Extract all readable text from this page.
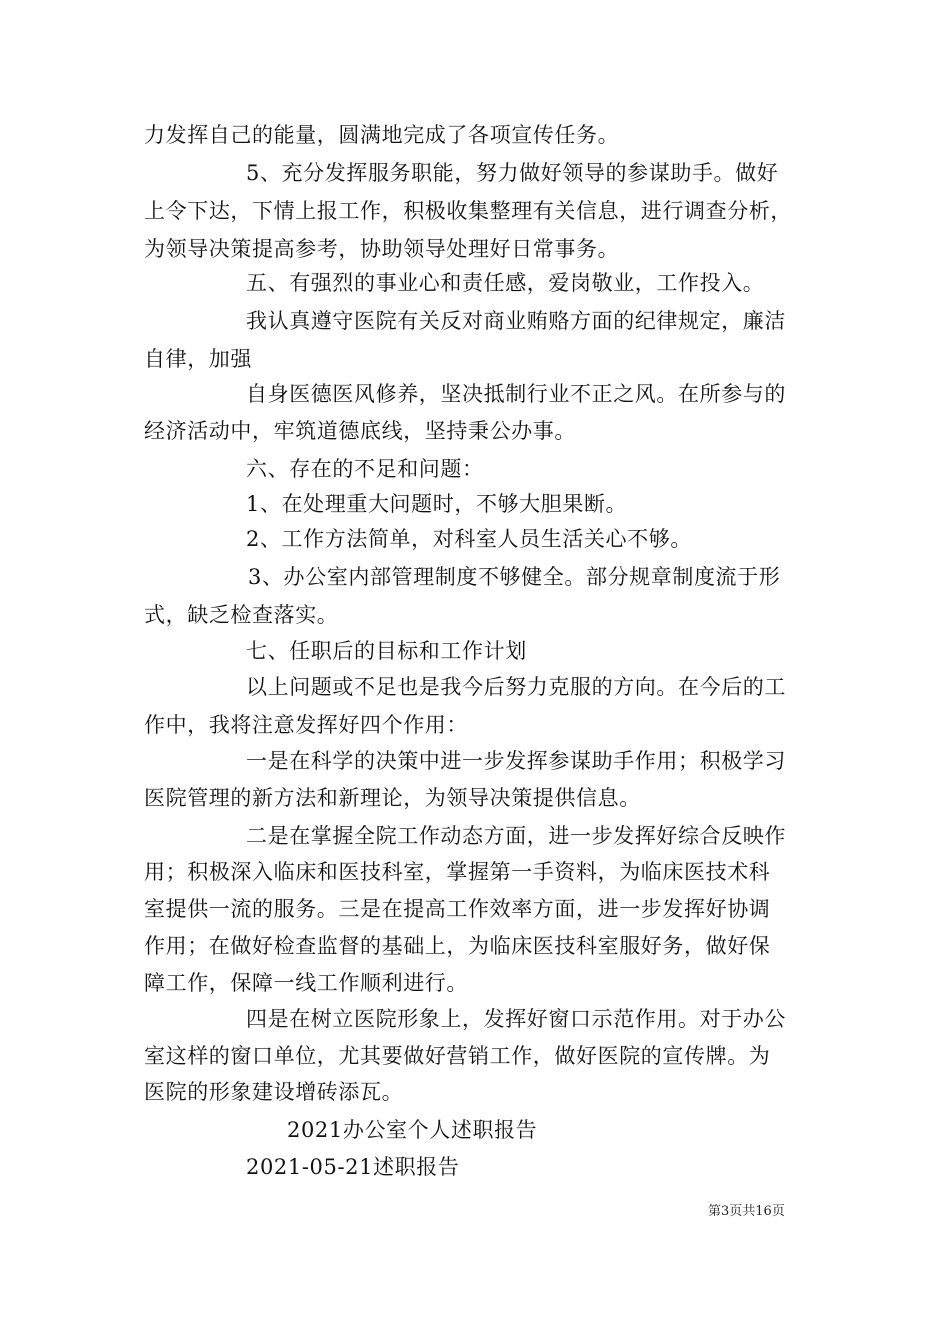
力发挥自己的能量，圆满地完成了各项宣传任务。
5、充分发挥服务职能，努力做好领导的参谋助手。做好
上令下达，下情上报工作，积极收集整理有关信息，进行调查分析，
为领导决策提高参考，协助领导处理好日常事务。
五、有强烈的事业心和责任感，爱岗敬业，工作投入。
我认真遵守医院有关反对商业贿赂方面的纪律规定，廉洁
自律，加强
自身医德医风修养，坚决抵制行业不正之风。在所参与的
经济活动中，牢筑道德底线，坚持秉公办事。
六、存在的不足和问题：
1、在处理重大问题时，不够大胆果断。
2、工作方法简单，对科室人员生活关心不够。
3、办公室内部管理制度不够健全。部分规章制度流于形
式，缺乏检查落实。
七、任职后的目标和工作计划
以上问题或不足也是我今后努力克服的方向。在今后的工
作中，我将注意发挥好四个作用：
一是在科学的决策中进一步发挥参谋助手作用；积极学习
医院管理的新方法和新理论，为领导决策提供信息。
二是在掌握全院工作动态方面，进一步发挥好综合反映作
用；积极深入临床和医技科室，掌握第一手资料，为临床医技术科
室提供一流的服务。三是在提高工作效率方面，进一步发挥好协调
作用；在做好检查监督的基础上，为临床医技科室服好务，做好保
障工作，保障一线工作顺利进行。
四是在树立医院形象上，发挥好窗口示范作用。对于办公
室这样的窗口单位，尤其要做好营销工作，做好医院的宣传牌。为
医院的形象建设增砖添瓦。
2021办公室个人述职报告
2021-05-21述职报告
第3页共16页
